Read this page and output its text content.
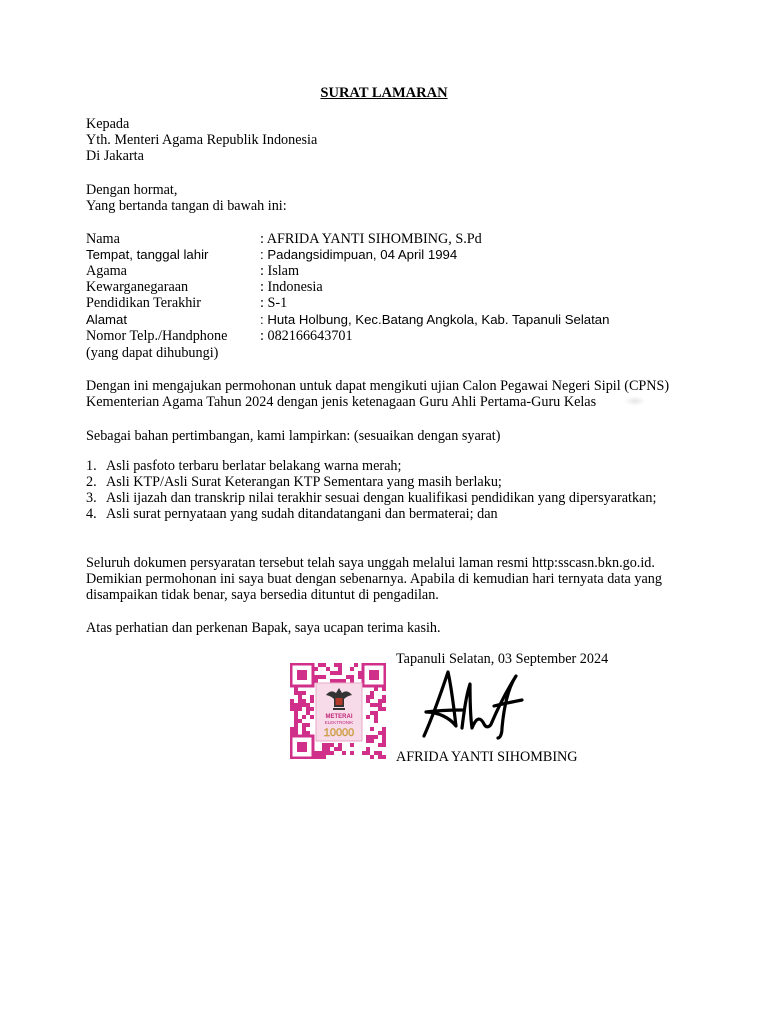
SURAT LAMARAN
Kepada
Yth. Menteri Agama Republik Indonesia
Di Jakarta
Dengan hormat,
Yang bertanda tangan di bawah ini:
Nama	: AFRIDA YANTI SIHOMBING, S.Pd
Tempat, tanggal lahir	: Padangsidimpuan, 04 April 1994
Agama	: Islam
Kewarganegaraan	: Indonesia
Pendidikan Terakhir	: S-1
Alamat	: Huta Holbung, Kec.Batang Angkola, Kab. Tapanuli Selatan
Nomor Telp./Handphone : 082166643701
(yang dapat dihubungi)
Dengan ini mengajukan permohonan untuk dapat mengikuti ujian Calon Pegawai Negeri Sipil (CPNS)
Kementerian Agama Tahun 2024 dengan jenis ketenagaan Guru Ahli Pertama-Guru Kelas
Sebagai bahan pertimbangan, kami lampirkan: (sesuaikan dengan syarat)
1. Asli pasfoto terbaru berlatar belakang warna merah;
2. Asli KTP/Asli Surat Keterangan KTP Sementara yang masih berlaku;
3. Asli ijazah dan transkrip nilai terakhir sesuai dengan kualifikasi pendidikan yang dipersyaratkan;
4. Asli surat pernyataan yang sudah ditandatangani dan bermaterai; dan
Seluruh dokumen persyaratan tersebut telah saya unggah melalui laman resmi http:sscasn.bkn.go.id.
Demikian permohonan ini saya buat dengan sebenarnya. Apabila di kemudian hari ternyata data yang
disampaikan tidak benar, saya bersedia dituntut di pengadilan.
Atas perhatian dan perkenan Bapak, saya ucapan terima kasih.
Tapanuli Selatan, 03 September 2024
METERAI
ELEKTRONIK
10000
AFRIDA YANTI SIHOMBING
